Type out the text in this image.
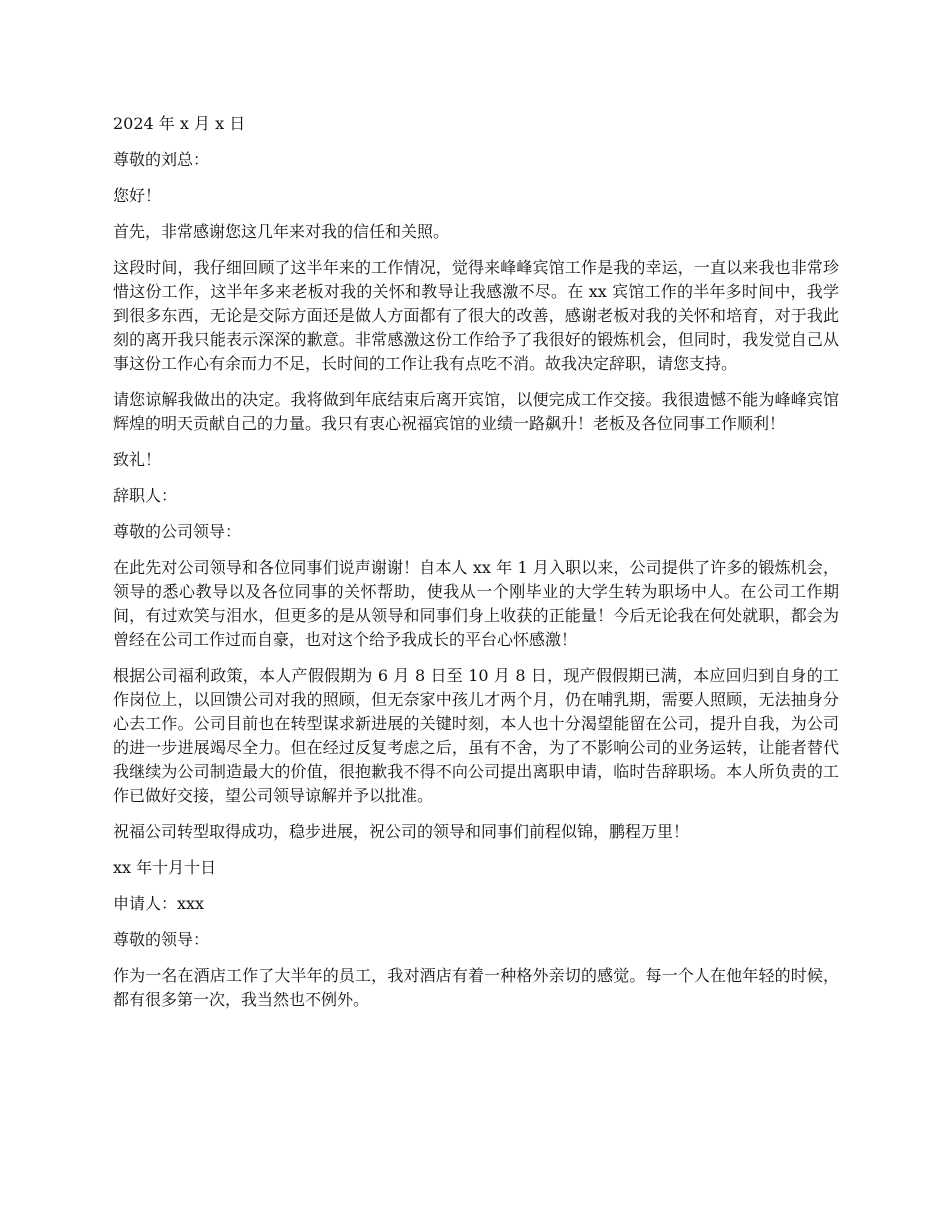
2024 年 x 月 x 日

尊敬的刘总：

您好！

首先，非常感谢您这几年来对我的信任和关照。

这段时间，我仔细回顾了这半年来的工作情况，觉得来峰峰宾馆工作是我的幸运，一直以来我也非常珍惜这份工作，这半年多来老板对我的关怀和教导让我感激不尽。在 xx 宾馆工作的半年多时间中，我学到很多东西，无论是交际方面还是做人方面都有了很大的改善，感谢老板对我的关怀和培育，对于我此刻的离开我只能表示深深的歉意。非常感激这份工作给予了我很好的锻炼机会，但同时，我发觉自己从事这份工作心有余而力不足，长时间的工作让我有点吃不消。故我决定辞职，请您支持。

请您谅解我做出的决定。我将做到年底结束后离开宾馆，以便完成工作交接。我很遗憾不能为峰峰宾馆辉煌的明天贡献自己的力量。我只有衷心祝福宾馆的业绩一路飙升！老板及各位同事工作顺利！

致礼！

辞职人：

尊敬的公司领导：

在此先对公司领导和各位同事们说声谢谢！自本人 xx 年 1 月入职以来，公司提供了许多的锻炼机会，领导的悉心教导以及各位同事的关怀帮助，使我从一个刚毕业的大学生转为职场中人。在公司工作期间，有过欢笑与泪水，但更多的是从领导和同事们身上收获的正能量！今后无论我在何处就职，都会为曾经在公司工作过而自豪，也对这个给予我成长的平台心怀感激！

根据公司福利政策，本人产假假期为 6 月 8 日至 10 月 8 日，现产假假期已满，本应回归到自身的工作岗位上，以回馈公司对我的照顾，但无奈家中孩儿才两个月，仍在哺乳期，需要人照顾，无法抽身分心去工作。公司目前也在转型谋求新进展的关键时刻，本人也十分渴望能留在公司，提升自我，为公司的进一步进展竭尽全力。但在经过反复考虑之后，虽有不舍，为了不影响公司的业务运转，让能者替代我继续为公司制造最大的价值，很抱歉我不得不向公司提出离职申请，临时告辞职场。本人所负责的工作已做好交接，望公司领导谅解并予以批准。

祝福公司转型取得成功，稳步进展，祝公司的领导和同事们前程似锦，鹏程万里！

xx 年十月十日

申请人：xxx

尊敬的领导：

作为一名在酒店工作了大半年的员工，我对酒店有着一种格外亲切的感觉。每一个人在他年轻的时候，都有很多第一次，我当然也不例外。
